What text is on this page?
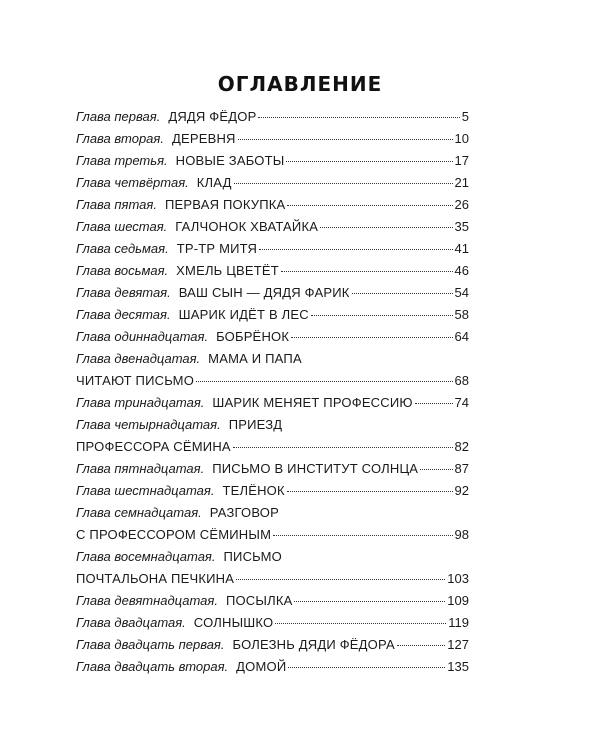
ОГЛАВЛЕНИЕ
Глава первая. ДЯДЯ ФЁДОР	5
Глава вторая. ДЕРЕВНЯ	10
Глава третья. НОВЫЕ ЗАБОТЫ	17
Глава четвёртая. КЛАД	21
Глава пятая. ПЕРВАЯ ПОКУПКА	26
Глава шестая. ГАЛЧОНОК ХВАТАЙКА	35
Глава седьмая. ТР-ТР МИТЯ	41
Глава восьмая. ХМЕЛЬ ЦВЕТЁТ	46
Глава девятая. ВАШ СЫН — ДЯДЯ ФАРИК	54
Глава десятая. ШАРИК ИДЁТ В ЛЕС	58
Глава одиннадцатая. БОБРЁНОК	64
Глава двенадцатая. МАМА И ПАПА
ЧИТАЮТ ПИСЬМО	68
Глава тринадцатая. ШАРИК МЕНЯЕТ ПРОФЕССИЮ	74
Глава четырнадцатая. ПРИЕЗД
ПРОФЕССОРА СЁМИНА	82
Глава пятнадцатая. ПИСЬМО В ИНСТИТУТ СОЛНЦА	87
Глава шестнадцатая. ТЕЛЁНОК	92
Глава семнадцатая. РАЗГОВОР
С ПРОФЕССОРОМ СЁМИНЫМ	98
Глава восемнадцатая. ПИСЬМО
ПОЧТАЛЬОНА ПЕЧКИНА	103
Глава девятнадцатая. ПОСЫЛКА	109
Глава двадцатая. СОЛНЫШКО	119
Глава двадцать первая. БОЛЕЗНЬ ДЯДИ ФЁДОРА	127
Глава двадцать вторая. ДОМОЙ	135
